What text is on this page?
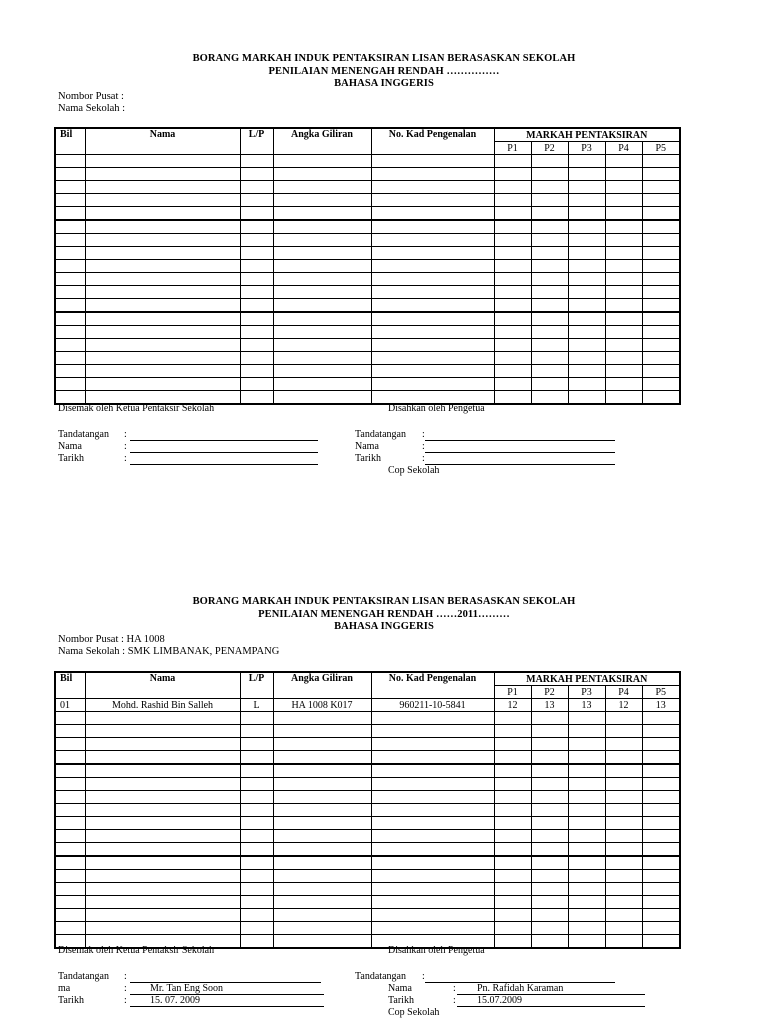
BORANG MARKAH INDUK PENTAKSIRAN LISAN BERASASKAN SEKOLAH
PENILAIAN MENENGAH RENDAH ……………
BAHASA INGGERIS
Nombor Pusat :
Nama Sekolah :
Bil	Nama	L/P	Angka Giliran	No. Kad Pengenalan	MARKAH PENTAKSIRAN				
					P1	P2	P3	P4	P5

Disemak oleh Ketua Pentaksir Sekolah
Tandatangan :
Nama	:
Tarikh	:
Disahkan oleh Pengetua
Tandatangan :
Nama	:
Tarikh	:
Cop Sekolah
BORANG MARKAH INDUK PENTAKSIRAN LISAN BERASASKAN SEKOLAH
PENILAIAN MENENGAH RENDAH ……2011………
BAHASA INGGERIS
Nombor Pusat : HA 1008
Nama Sekolah : SMK LIMBANAK, PENAMPANG
Bil	Nama	L/P	Angka Giliran	No. Kad Pengenalan	MARKAH PENTAKSIRAN				
					P1	P2	P3	P4	P5
01	Mohd. Rashid Bin Salleh	L	HA 1008 K017	960211-10-5841	12	13	13	12	13

Disemak oleh Ketua Pentaksir Sekolah
Tandatangan :
ma	: Mr. Tan Eng Soon
Tarikh	: 15. 07. 2009
Disahkan oleh Pengetua
Tandatangan :
Nama	: Pn. Rafidah Karaman
Tarikh	: 15.07.2009
Cop Sekolah
